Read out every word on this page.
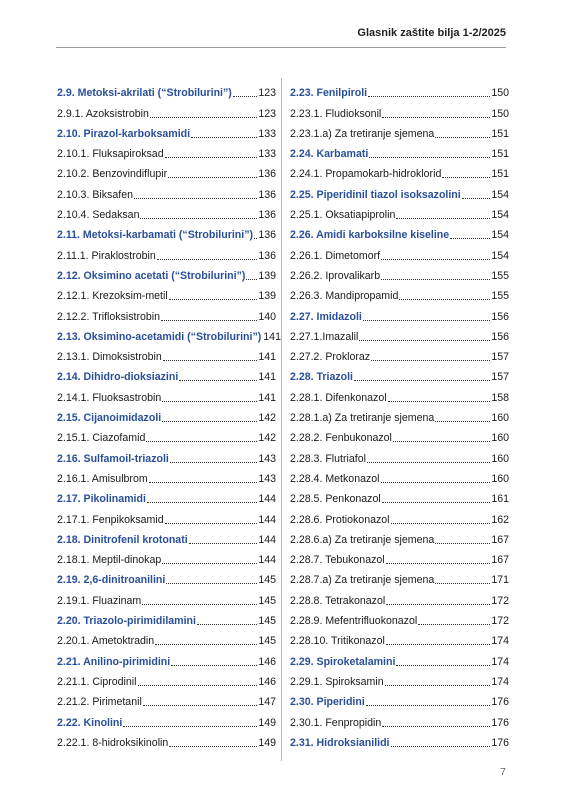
Glasnik zaštite bilja 1-2/2025
2.9. Metoksi-akrilati (“Strobilurini”) 123
2.9.1. Azoksistrobin	123
2.10. Pirazol-karboksamidi	133
2.10.1. Fluksapiroksad	133
2.10.2. Benzovindiflupir	136
2.10.3. Biksafen	136
2.10.4. Sedaksan	136
2.11. Metoksi-karbamati (“Strobilurini”) 136
2.11.1. Piraklostrobin	136
2.12. Oksimino acetati (“Strobilurini”) 139
2.12.1. Krezoksim-metil	139
2.12.2. Trifloksistrobin	140
2.13. Oksimino-acetamidi (“Strobilurini”) 141
2.13.1. Dimoksistrobin	141
2.14. Dihidro-dioksiazini	141
2.14.1. Fluoksastrobin	141
2.15. Cijanoimidazoli	142
2.15.1. Ciazofamid	142
2.16. Sulfamoil-triazoli	143
2.16.1. Amisulbrom	143
2.17. Pikolinamidi	144
2.17.1. Fenpikoksamid	144
2.18. Dinitrofenil krotonati	144
2.18.1. Meptil-dinokap	144
2.19. 2,6-dinitroanilini	145
2.19.1. Fluazinam	145
2.20. Triazolo-pirimidilamini	145
2.20.1. Ametoktradin	145
2.21. Anilino-pirimidini	146
2.21.1. Ciprodinil	146
2.21.2. Pirimetanil	147
2.22. Kinolini	149
2.22.1. 8-hidroksikinolin	149
2.23. Fenilpiroli	150
2.23.1. Fludioksonil	150
2.23.1.a) Za tretiranje sjemena	151
2.24. Karbamati	151
2.24.1. Propamokarb-hidroklorid	151
2.25. Piperidinil tiazol isoksazolini	154
2.25.1. Oksatiapiprolin	154
2.26. Amidi karboksilne kiseline	154
2.26.1. Dimetomorf	154
2.26.2. Iprovalikarb	155
2.26.3. Mandipropamid	155
2.27. Imidazoli	156
2.27.1.Imazalil	156
2.27.2. Prokloraz	157
2.28. Triazoli	157
2.28.1. Difenkonazol	158
2.28.1.a) Za tretiranje sjemena	160
2.28.2. Fenbukonazol	160
2.28.3. Flutriafol	160
2.28.4. Metkonazol	160
2.28.5. Penkonazol	161
2.28.6. Protiokonazol	162
2.28.6.a) Za tretiranje sjemena	167
2.28.7. Tebukonazol	167
2.28.7.a) Za tretiranje sjemena	171
2.28.8. Tetrakonazol	172
2.28.9. Mefentrifluokonazol	172
2.28.10. Tritikonazol	174
2.29. Spiroketalamini	174
2.29.1. Spiroksamin	174
2.30. Piperidini	176
2.30.1. Fenpropidin	176
2.31. Hidroksianilidi	176
7
